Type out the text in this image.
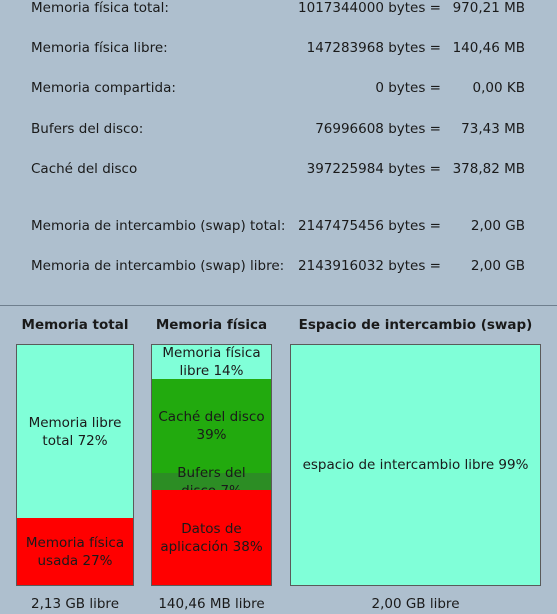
Memoria física total:	1017344000 bytes = 970,21 MB
Memoria física libre:	147283968 bytes = 140,46 MB
Memoria compartida:	0 bytes = 0,00 KB
Bufers del disco:	76996608 bytes = 73,43 MB
Caché del disco	397225984 bytes = 378,82 MB
Memoria de intercambio (swap) total: 2147475456 bytes = 2,00 GB
Memoria de intercambio (swap) libre: 2143916032 bytes = 2,00 GB
Memoria total
Memoria libre total 72%
Memoria física usada 27%
2,13 GB libre
Memoria física
Memoria física libre 14%
Caché del disco 39%
Bufers del
Datos de aplicación 38%
140,46 MB libre
Espacio de intercambio (swap)
espacio de intercambio libre 99%
2,00 GB libre
